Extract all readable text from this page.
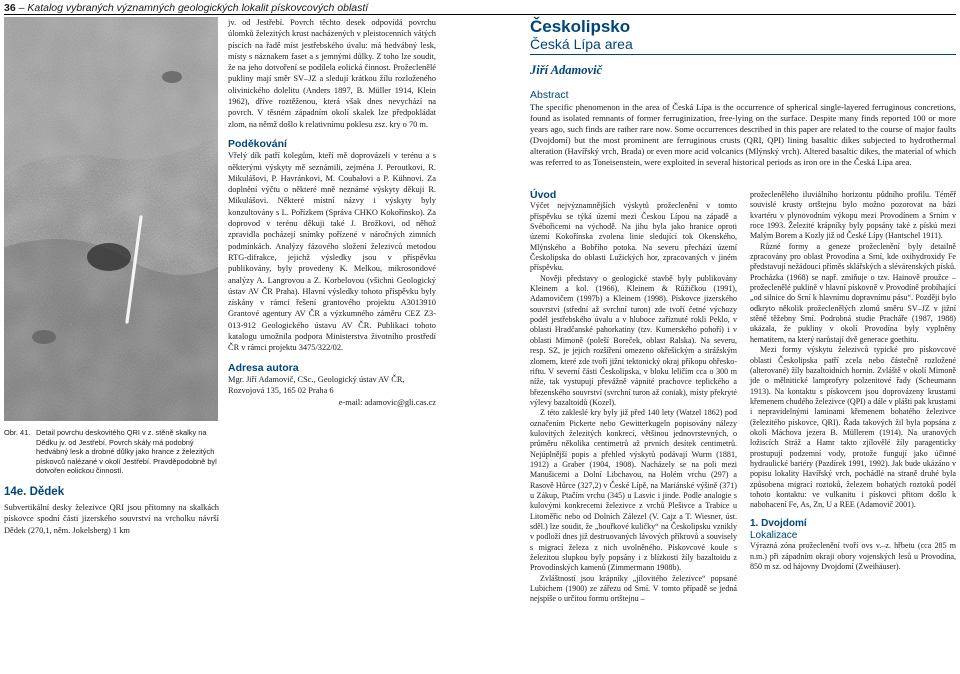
36 – Katalog vybraných významných geologických lokalit pískovcových oblastí
Obr. 41. Detail povrchu deskovitého QRI v z. stěně skalky na Dědku jv. od Jestřebí. Povrch skály má podobný hedvábný lesk a drobné důlky jako hrance z železitých pískovců nalézané v okolí Jestřebí. Pravděpodobně byl dotvořen eolickou činností.
14e. Dědek

Subvertikální desky železivce QRI jsou přítomny na skalkách pískovce spodní části jizerského souvrství na vrcholku návrší Dědek (270,1, něm. Jokelsberg) 1 km

jv. od Jestřebí. Povrch těchto desek odpovídá povrchu úlomků železitých krust nacházených v pleistocenních vátých píscích na řadě míst jestřebského úvalu: má hedvábný lesk, místy s náznakem faset a s jemnými důlky. Z toho lze soudit, že na jeho dotvoření se podílela eolická činnost. Prožeclenělé pukliny mají směr SV–JZ a sledují krátkou žílu rozloženého olivinického dolelitu (Anders 1897, B. Müller 1914, Klein 1962), dříve roztěženou, která však dnes nevychází na povrch. V těsném západním okolí skalek lze předpokládat zlom, na němž došlo k relativnímu poklesu zsz. kry o 70 m.

Poděkování

Vřelý dík patří kolegům, kteří mě doprovázeli v terénu a s některými výskyty mě seznámili, zejména J. Peroutkovi, R. Mikulášovi, P. Havránkovi, M. Coubalovi a P. Kühnovi. Za doplnění výčtu o některé mně neznámé výskyty děkuji R. Mikulášovi. Některé místní názvy i výskyty byly konzultovány s L. Pořízkem (Správa CHKO Kokořínsko). Za doprovod v terénu děkuji také J. Brožkovi, od něhož zpravidla pocházejí snímky pořízené v náročných zimních podmínkách. Analýzy fázového složení železivců metodou RTG-difrakce, jejichž výsledky jsou v příspěvku publikovány, byly provedeny K. Melkou, mikrosondové analýzy A. Langrovou a Z. Korbelovou (všichni Geologický ústav AV ČR Praha). Hlavní výsledky tohoto příspěvku byly získány v rámci řešení grantového projektu A3013910 Grantové agentury AV ČR a výzkumného záměru CEZ Z3-013-912 Geologického ústavu AV ČR. Publikaci tohoto katalogu umožnila podpora Ministerstva životního prostředí ČR v rámci projektu 3475/322/02.

Adresa autora
Mgr. Jiří Adamovič, CSc., Geologický ústav AV ČR,
Rozvojová 135, 165 02 Praha 6
e-mail: adamovic@gli.cas.cz
Českolipsko
Česká Lípa area
Jiří Adamovič
Abstract
The specific phenomenon in the area of Česká Lípa is the occurrence of spherical single-layered ferruginous concretions, found as isolated remnants of former ferruginization, free-lying on the surface. Despite many finds reported 100 or more years ago, such finds are rather rare now. Some occurrences described in this paper are related to the course of major faults (Dvojdomí) but the most prominent are ferruginous crusts (QRI, QPI) lining basaltic dikes subjected to hydrothermal alteration (Havířský vrch, Brada) or even more acid volcanics (Mlýnský vrch). Altered basaltic dikes, the material of which was referred to as Toneisenstein, were exploited in several historical periods as iron ore in the Česká Lípa area.
Úvod

Výčet nejvýznamnějších výskytů prožeclenění v tomto příspěvku se týká území mezi Českou Lípou na západě a Svébořicemi na východě. Na jihu byla jako hranice oproti území Kokořínska zvolena linie sledující tok Okenského, Mlýnského a Bobřího potoka. Na severu přechází území Českolipska do oblasti Lužických hor, zpracovaných v jiném příspěvku.

Nověji představy o geologické stavbě byly publikovány Kleinem a kol. (1966), Kleinem & Růžičkou (1991), Adamovičem (1997b) a Kleinem (1998). Pískovce jizerského souvrství (střední až svrchní turon) zde tvoří četné výchozy podél jestřebského úvalu a v hluboce zaříznuté rokli Peklo, v oblasti Hradčanské pahorkatiny (tzv. Kumerského pohoří) i v oblasti Mimoně (poleší Boreček, oblast Ralska). Na severu, resp. SZ, je jejich rozšíření omezeno okřešickým a strážským zlomem, které zde tvoří jižní tektonický okraj příkopu ohřesko-riftu. V severní části Českolipska, v bloku leličím cca o 300 m níže, tak vystupují převážně vápnité prachovce teplického a březenského souvrství (svrchní turon až coniak), místy překryté výlevy bazaltoidů (Kozel).

Z této zakleslé kry byly již před 140 lety (Watzel 1862) pod označením Pickerte nebo Gewitterkugeln popisovány nálezy kulovitých železitých konkrecí, většinou jednovrstevných, o průměru několika centimetrů až prvních desítek centimetrů. Nejúplnější popis a přehled výskytů podávají Wurm (1881, 1912) a Graber (1904, 1908). Nacházely se na poli mezi Manušicemi a Dolní Libchavou, na Holém vrchu (297) a Rasově Hůrce (327,2) v České Lípě, na Mariánské výšině (371) u Zákup, Ptačím vrchu (345) u Lasvic i jinde. Podle analogie s kulovými konkrecemi železivce z vrchů Plešivce a Trabice u Litoměřic nebo od Dolních Zálezel (V. Cajz a T. Wiesner, úst. sděl.) lze soudit, že „bouřkové kuličky“ na Českolipsku vznikly v podloží dnes již destruovaných lávových příkrovů a souvisely s migrací železa z nich uvolněného. Pískovcové koule s železitou slupkou byly popsány i z blízkosti žíly bazaltoidu z Provodínských kamenů (Zimmermann 1908b).

Zvláštností jsou krápníky „jílovitého železivce“ popsané Lubichem (1900) ze zářezu od Srní. V tomto případě se jedná nejspíše o určitou formu ortštejnu –

prožeclenělého iluviálního horizontu půdního profilu. Téměř souvislé krusty ortštejnu bylo možno pozorovat na bázi kvartéru v plynovodním výkopu mezi Provodínem a Srním v roce 1993. Železité krápníky byly popsány také z pískú mezi Malým Borem a Kozly již od České Lípy (Hantschel 1911).

Různé formy a geneze prožeclenění byly detailně zpracovány pro oblast Provodína a Srní, kde oxihydroxidy Fe představují nežádoucí příměs sklářských a slévárenských písků. Procházka (1968) se např. zmiňuje o tzv. Hainově proužce – prožeclenělé puklině v hlavní pískovně v Provodíně probíhající „od silnice do Srní k hlavnímu dopravnímu pásu“. Později bylo odkryto několik prožeclenělých zlomů směru SV–JZ v jižní stěně těžebny Srní. Podrobná studie Pracháře (1987, 1988) ukázala, že pukliny v okolí Provodína byly vyplněny hematitem, na který narůstají dvě generace goethitu.

Mezi formy výskytu železivců typické pro pískovcové oblasti Českolipska patří zcela nebo částečně rozložené (alterované) žíly bazaltoidních hornin. Zvláště v okolí Mimoně jde o mělnitické lamprofyry polzenitové řady (Scheumann 1913). Na kontaktu s pískovcem jsou doprovázeny krustami křemenem chudého železivce (QPI) a dále v plášti pak krustami i nepravidelnými laminami křemenem bohatého železivce (železitého pískovce, QRI). Řada takových žil byla popsána z okolí Máchova jezera B. Müllerem (1914). Na uranových ložiscích Stráž a Hamr takto zjílovělé žíly paragenticky prostupují podzemní vody, protože fungují jako účinné hydraulické bariéry (Pazdírek 1991, 1992). Jak bude ukázáno v popisu lokality Havířský vrch, pochádlé na straně druhé byla způsobena migrací roztoků, železem bohatých roztoků podél tohoto kontaktu: ve vulkanitu i pískovci přitom došlo k nabohacení Fe, As, Zn, U a REE (Adamovič 2001).

1. Dvojdomí
Lokalizace

Výrazná zóna prožeclenění tvoří ovs v.–z. hřbetu (cca 285 m n.m.) při západním okraji obory vojenských lesů u Provodína, 850 m sz. od hájovny Dvojdomí (Zweihäuser).
